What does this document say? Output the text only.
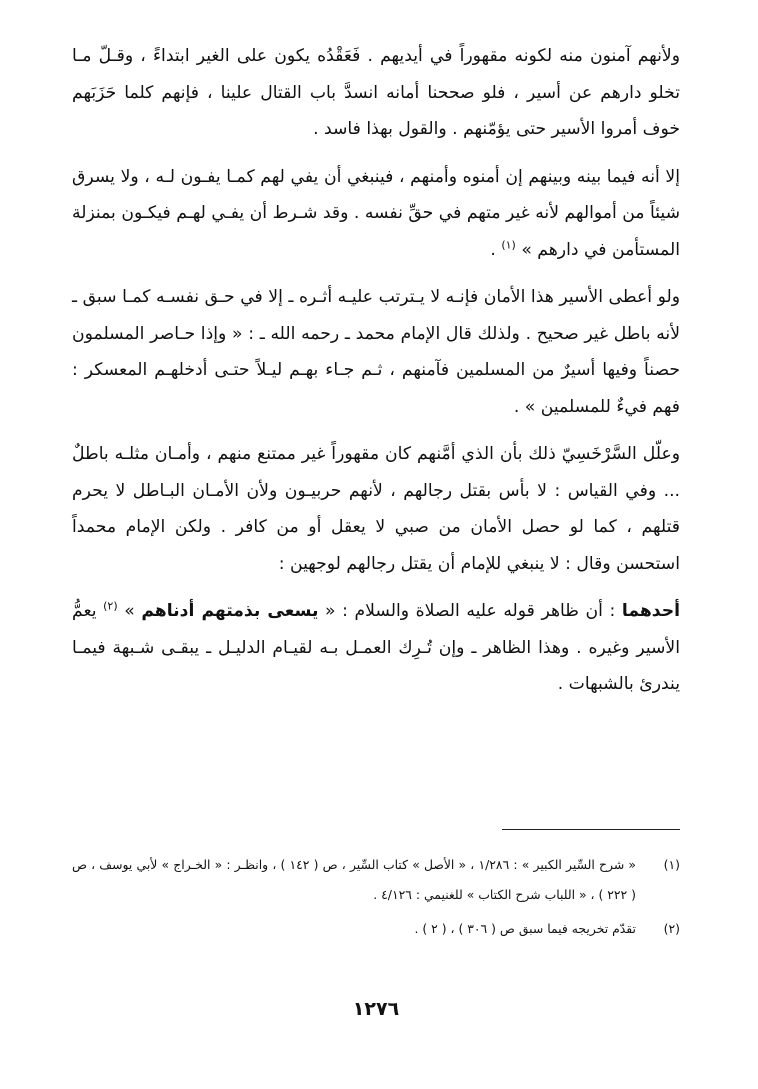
ولأنهم آمنون منه لكونه مقهوراً في أيديهم . فَعَقْدُه يكون على الغير ابتداءً ، وقـلّ مـا تخلو دارهم عن أسير ، فلو صححنا أمانه انسدَّ باب القتال علينا ، فإنهم كلما حَزَبَهم خوف أمروا الأسير حتى يؤمّنهم . والقول بهذا فاسد .

إلا أنه فيما بينه وبينهم إن أمنوه وأمنهم ، فينبغي أن يفي لهم كمـا يفـون لـه ، ولا يسرق شيئاً من أموالهم لأنه غير متهم في حقِّ نفسه . وقد شـرط أن يفـي لهـم فيكـون بمنزلة المستأمن في دارهم » $^{(١)}$ .

ولو أعطى الأسير هذا الأمان فإنـه لا يـترتب عليـه أثـره ـ إلا في حـق نفسـه كمـا سبق ـ لأنه باطل غير صحيح . ولذلك قال الإمام محمد ـ رحمه الله ـ : « وإذا حـاصر المسلمون حصناً وفيها أسيرٌ من المسلمين فآمنهم ، ثـم جـاء بهـم ليـلاً حتـى أدخلهـم المعسكر : فهم فيءٌ للمسلمين » .

وعلّل السَّرْخَسِيّ ذلك بأن الذي أمَّنهم كان مقهوراً غير ممتنع منهم ، وأمـان مثلـه باطلٌ ... وفي القياس : لا بأس بقتل رجالهم ، لأنهم حربيـون ولأن الأمـان البـاطل لا يحرم قتلهم ، كما لو حصل الأمان من صبي لا يعقل أو من كافر . ولكن الإمام محمداً استحسن وقال : لا ينبغي للإمام أن يقتل رجالهم لوجهين :

أحدهما : أن ظاهر قوله عليه الصلاة والسلام : « يسعى بذمتهم أدناهم » $^{(٢)}$ يعمُّ الأسير وغيره . وهذا الظاهر ـ وإن تُـرِك العمـل بـه لقيـام الدليـل ـ يبقـى شـبهة فيمـا يندرئ بالشبهات .

(١)
« شرح السِّير الكبير » : ١/٢٨٦ ، « الأصل » كتاب السِّير ، ص ( ١٤٢ ) ، وانظـر : « الخـراج » لأبي يوسف ، ص ( ٢٢٢ ) ، « اللباب شرح الكتاب » للغنيمي : ٤/١٢٦ .
(٢)
تقدّم تخريجه فيما سبق ص ( ٣٠٦ ) ، ( ٢ ) .
١٢٧٦
